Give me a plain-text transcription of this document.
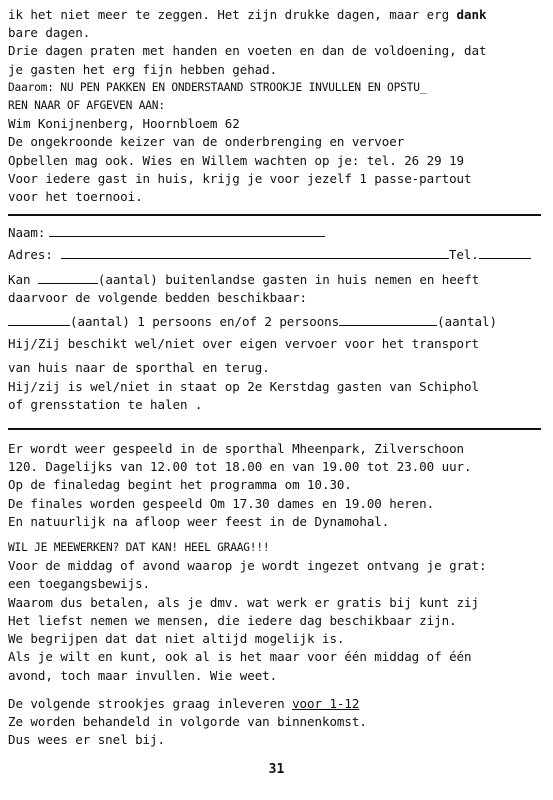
ik het niet meer te zeggen. Het zijn drukke dagen, maar erg dank
bare dagen.
Drie dagen praten met handen en voeten en dan de voldoening, dat
je gasten het erg fijn hebben gehad.
Daarom: NU PEN PAKKEN EN ONDERSTAAND STROOKJE INVULLEN EN OPSTU_
REN NAAR OF AFGEVEN AAN:
Wim Konijnenberg, Hoornbloem 62
De ongekroonde keizer van de onderbrenging en vervoer
Opbellen mag ook. Wies en Willem wachten op je: tel. 26 29 19
Voor iedere gast in huis, krijg je voor jezelf 1 passe-partout
voor het toernooi.
Naam:
Adres:	Tel.
Kan	(aantal) buitenlandse gasten in huis nemen en heeft
daarvoor de volgende bedden beschikbaar:
(aantal) 1 persoons en/of 2 persoons	(aantal)
Hij/Zij beschikt wel/niet over eigen vervoer voor het transport
van huis naar de sporthal en terug.
Hij/zij is wel/niet in staat op 2e Kerstdag gasten van Schiphol
of grensstation te halen .
Er wordt weer gespeeld in de sporthal Mheenpark, Zilverschoon
120. Dagelijks van 12.00 tot 18.00 en van 19.00 tot 23.00 uur.
Op de finaledag begint het programma om 10.30.
De finales worden gespeeld Om 17.30 dames en 19.00 heren.
En natuurlijk na afloop weer feest in de Dynamohal.
WIL JE MEEWERKEN? DAT KAN! HEEL GRAAG!!!
Voor de middag of avond waarop je wordt ingezet ontvang je grat:
een toegangsbewijs.
Waarom dus betalen, als je dmv. wat werk er gratis bij kunt zij
Het liefst nemen we mensen, die iedere dag beschikbaar zijn.
We begrijpen dat dat niet altijd mogelijk is.
Als je wilt en kunt, ook al is het maar voor één middag of één
avond, toch maar invullen. Wie weet.
De volgende strookjes graag inleveren voor 1-12
Ze worden behandeld in volgorde van binnenkomst.
Dus wees er snel bij.
31
